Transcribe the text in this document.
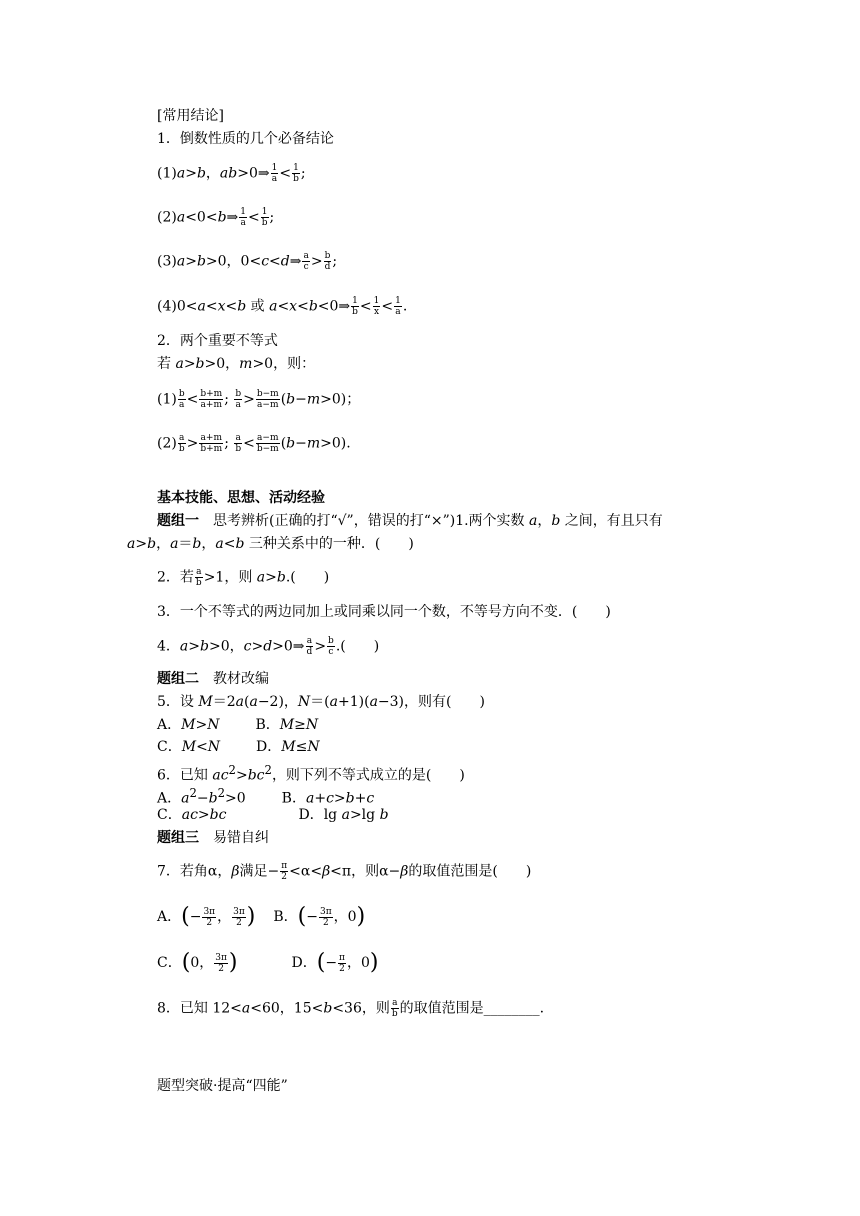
[常用结论]
1．倒数性质的几个必备结论
(1)a>b，ab>0⇒ $\frac{1}{a} < \frac{1}{b}$ ;
(2)a<0<b⇒ $\frac{1}{a} < \frac{1}{b}$ ;
(3)a>b>0，0<c<d⇒ $\frac{a}{c} > \frac{b}{d}$ ;
(4)0<a<x<b 或 a<x<b<0⇒ $\frac{1}{b} < \frac{1}{x} < \frac{1}{a}$ .
2．两个重要不等式
若 a>b>0，m>0，则：
$(1) \frac{b}{a} < \frac{b+m}{a+m}$ ; $\frac{b}{a} > \frac{b-m}{a-m} (b-m>0)$；
$(2) \frac{a}{b} > \frac{a+m}{b+m}$ ; $\frac{a}{b} < \frac{a-m}{b-m} (b-m>0)$.
基本技能、思想、活动经验
题组一　思考辨析(正确的打“√”，错误的打“×”)1.两个实数 a，b 之间，有且只有
a>b，a＝b，a<b 三种关系中的一种．(　　)
2．若 $\frac{a}{b} >1$，则 a>b.(　　)
3．一个不等式的两边同加上或同乘以同一个数，不等号方向不变．(　　)
4．a>b>0，c>d>0⇒ $\frac{a}{d} > \frac{b}{c}$ .(　　)
题组二　教材改编
5．设 M＝2a(a−2)，N＝(a+1)(a−3)，则有(　　)
A．M>N	B．M≥N
C．M<N	D．M≤N
6．已知 $ac^2>bc^2$，则下列不等式成立的是(　　)
A．$a^2-b^2>0$	B．a+c>b+c
C．ac>bc	D．lg a>lg b
题组三　易错自纠
7．若角α，β满足− $\frac{\pi}{2} <\alpha<\beta<\pi$，则α−β的取值范围是(　　)
A．(− $\frac{3\pi}{2}$ ， $\frac{3\pi}{2}$ ) B．(− $\frac{3\pi}{2}$ ，0)
C．(0， $\frac{3\pi}{2}$ )	D．(− $\frac{\pi}{2}$ ，0)
8．已知 12<a<60，15<b<36，则 $\frac{a}{b}$ 的取值范围是________.
题型突破·提高“四能”
